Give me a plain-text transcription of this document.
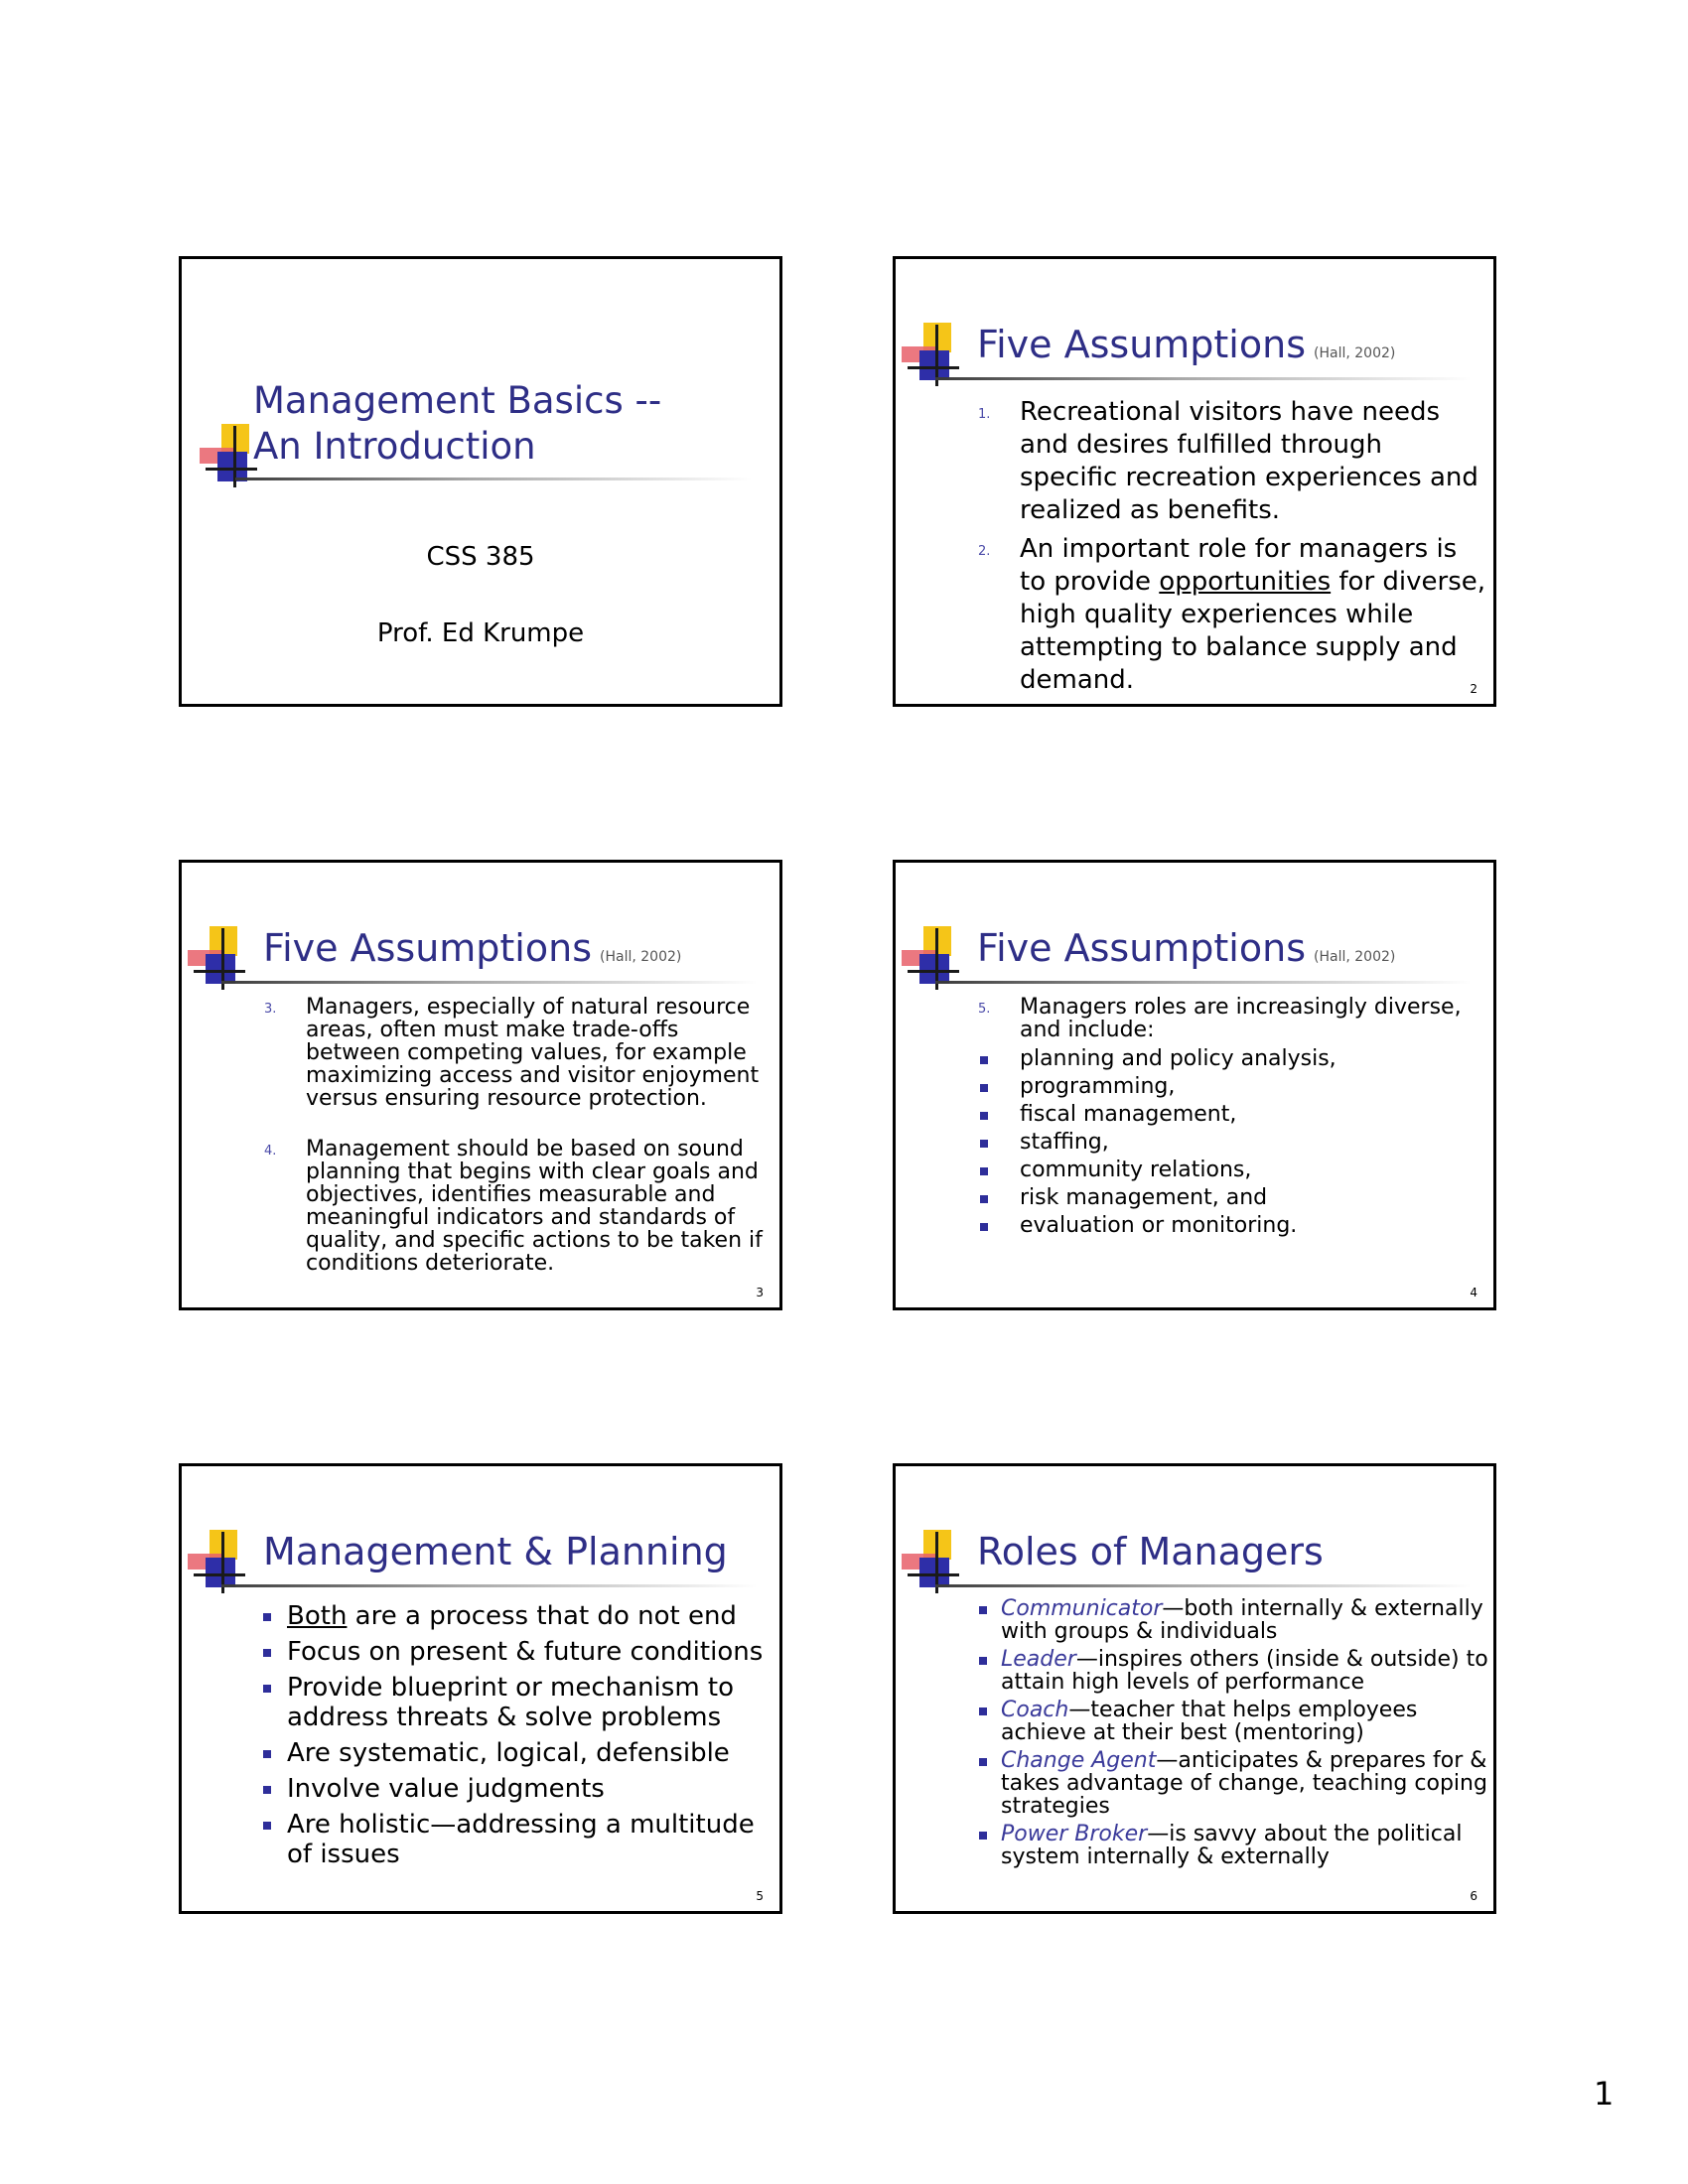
Management Basics --
An Introduction
CSS 385
Prof. Ed Krumpe
Five Assumptions (Hall, 2002)
1. Recreational visitors have needs and desires fulfilled through specific recreation experiences and realized as benefits.
2. An important role for managers is to provide opportunities for diverse, high quality experiences while attempting to balance supply and demand.	2
Five Assumptions (Hall, 2002)
3. Managers, especially of natural resource areas, often must make trade-offs between competing values, for example maximizing access and visitor enjoyment versus ensuring resource protection.
4. Management should be based on sound planning that begins with clear goals and objectives, identifies measurable and meaningful indicators and standards of quality, and specific actions to be taken if conditions deteriorate.
3
Five Assumptions (Hall, 2002)
5. Managers roles are increasingly diverse, and include:
planning and policy analysis,
programming,
fiscal management,
staffing,
community relations,
risk management, and
evaluation or monitoring.
4
Management & Planning
Both are a process that do not end
Focus on present & future conditions
Provide blueprint or mechanism to address threats & solve problems
Are systematic, logical, defensible
Involve value judgments
Are holistic—addressing a multitude of issues
5
Roles of Managers
Communicator—both internally & externally with groups & individuals
Leader—inspires others (inside & outside) to attain high levels of performance
Coach—teacher that helps employees achieve at their best (mentoring)
Change Agent—anticipates & prepares for & takes advantage of change, teaching coping strategies
Power Broker—is savvy about the political system internally & externally
6
1
